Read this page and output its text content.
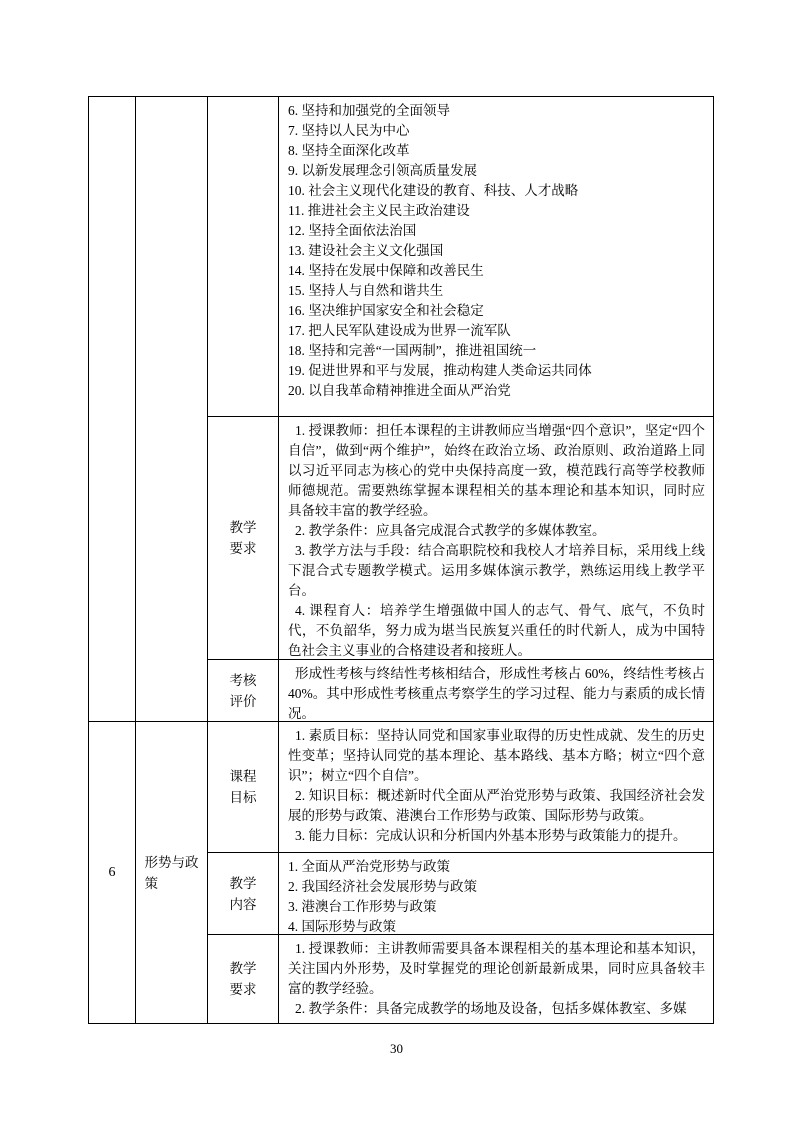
6. 坚持和加强党的全面领导
7. 坚持以人民为中心
8. 坚持全面深化改革
9. 以新发展理念引领高质量发展
10. 社会主义现代化建设的教育、科技、人才战略
11. 推进社会主义民主政治建设
12. 坚持全面依法治国
13. 建设社会主义文化强国
14. 坚持在发展中保障和改善民生
15. 坚持人与自然和谐共生
16. 坚决维护国家安全和社会稳定
17. 把人民军队建设成为世界一流军队
18. 坚持和完善“一国两制”，推进祖国统一
19. 促进世界和平与发展，推动构建人类命运共同体
20. 以自我革命精神推进全面从严治党
教学要求

1. 授课教师：担任本课程的主讲教师应当增强“四个意识”，坚定“四个自信”，做到“两个维护”，始终在政治立场、政治原则、政治道路上同以习近平同志为核心的党中央保持高度一致，模范践行高等学校教师师德规范。需要熟练掌握本课程相关的基本理论和基本知识，同时应具备较丰富的教学经验。

2. 教学条件：应具备完成混合式教学的多媒体教室。

3. 教学方法与手段：结合高职院校和我校人才培养目标，采用线上线下混合式专题教学模式。运用多媒体演示教学，熟练运用线上教学平台。

4. 课程育人：培养学生增强做中国人的志气、骨气、底气，不负时代，不负韶华，努力成为堪当民族复兴重任的时代新人，成为中国特色社会主义事业的合格建设者和接班人。

考核评价

形成性考核与终结性考核相结合，形成性考核占 60%，终结性考核占 40%。其中形成性考核重点考察学生的学习过程、能力与素质的成长情况。

6
形势与政策
课程目标

1. 素质目标：坚持认同党和国家事业取得的历史性成就、发生的历史性变革；坚持认同党的基本理论、基本路线、基本方略；树立“四个意识”；树立“四个自信”。

2. 知识目标：概述新时代全面从严治党形势与政策、我国经济社会发展的形势与政策、港澳台工作形势与政策、国际形势与政策。

3. 能力目标：完成认识和分析国内外基本形势与政策能力的提升。

教学内容
1. 全面从严治党形势与政策
2. 我国经济社会发展形势与政策
3. 港澳台工作形势与政策
4. 国际形势与政策
教学要求

1. 授课教师：主讲教师需要具备本课程相关的基本理论和基本知识，关注国内外形势，及时掌握党的理论创新最新成果，同时应具备较丰富的教学经验。

2. 教学条件：具备完成教学的场地及设备，包括多媒体教室、多媒

30
